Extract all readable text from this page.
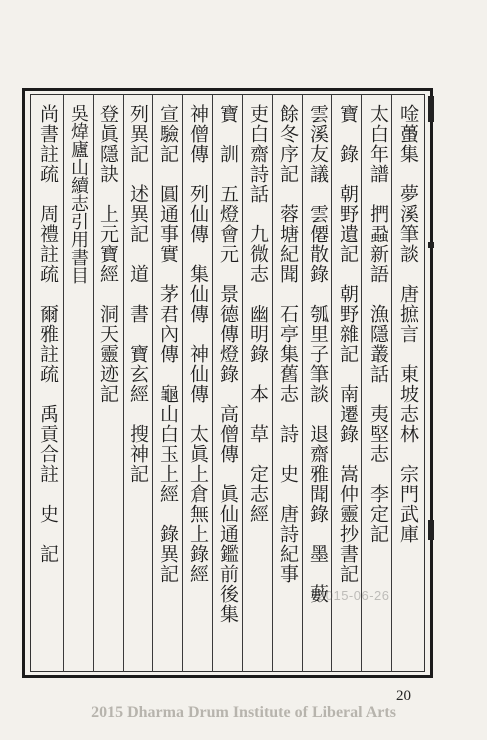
唫蠆集　夢溪筆談　唐摭言　東坡志林　宗門武庫
太白年譜　捫蝨新語　漁隱叢話　夷堅志　李定記
寶　錄　朝野遺記　朝野雜記　南遷錄　嵩仲靈抄書記
雲溪友議　雲僊散錄　瓠里子筆談　退齋雅聞錄　墨　藪
餘冬序記　蓉塘紀聞　石亭集舊志　詩　史　唐詩紀事
吏白齋詩話　九微志　幽明錄　本　草　定志經
寶　訓　五燈會元　景德傳燈錄　高僧傳　眞仙通鑑前後集
神僧傳　列仙傳　集仙傳　神仙傳　太眞上倉無上錄經
宣驗記　圓通事實　茅君內傳　龜山白玉上經　錄異記
列異記　述異記　道　書　寶玄經　搜神記
登眞隱訣　上元寶經　洞天靈迹記
吳煒廬山續志引用書目
尚書註疏　周禮註疏　爾雅註疏　禹貢合註　史　記
2015-06-26
20
2015 Dharma Drum Institute of Liberal Arts
